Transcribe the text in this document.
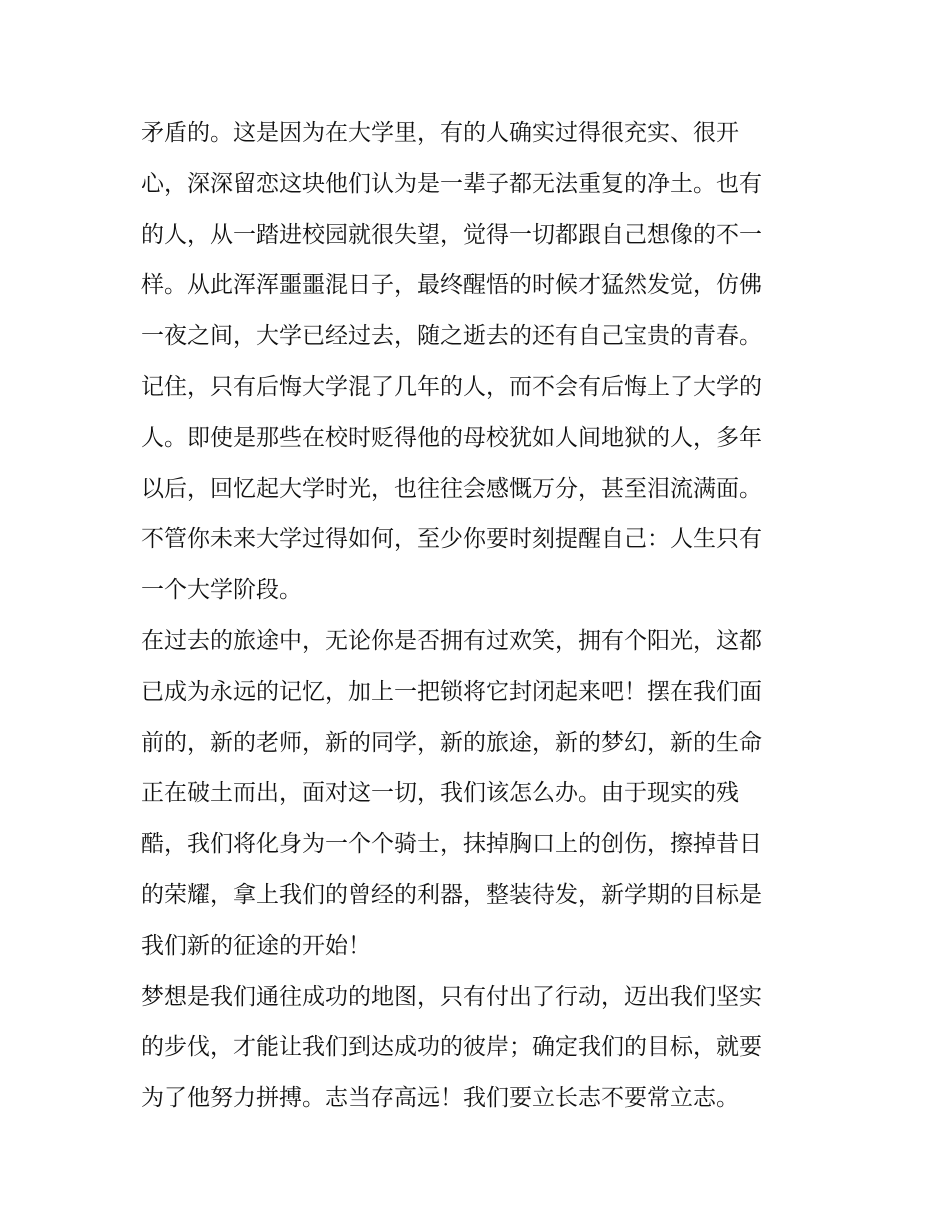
矛盾的。这是因为在大学里，有的人确实过得很充实、很开
心，深深留恋这块他们认为是一辈子都无法重复的净土。也有
的人，从一踏进校园就很失望，觉得一切都跟自己想像的不一
样。从此浑浑噩噩混日子，最终醒悟的时候才猛然发觉，仿佛
一夜之间，大学已经过去，随之逝去的还有自己宝贵的青春。
记住，只有后悔大学混了几年的人，而不会有后悔上了大学的
人。即使是那些在校时贬得他的母校犹如人间地狱的人，多年
以后，回忆起大学时光，也往往会感慨万分，甚至泪流满面。
不管你未来大学过得如何，至少你要时刻提醒自己：人生只有
一个大学阶段。
在过去的旅途中，无论你是否拥有过欢笑，拥有个阳光，这都
已成为永远的记忆，加上一把锁将它封闭起来吧！摆在我们面
前的，新的老师，新的同学，新的旅途，新的梦幻，新的生命
正在破土而出，面对这一切，我们该怎么办。由于现实的残
酷，我们将化身为一个个骑士，抹掉胸口上的创伤，擦掉昔日
的荣耀，拿上我们的曾经的利器，整装待发，新学期的目标是
我们新的征途的开始！
梦想是我们通往成功的地图，只有付出了行动，迈出我们坚实
的步伐，才能让我们到达成功的彼岸；确定我们的目标，就要
为了他努力拼搏。志当存高远！我们要立长志不要常立志。
